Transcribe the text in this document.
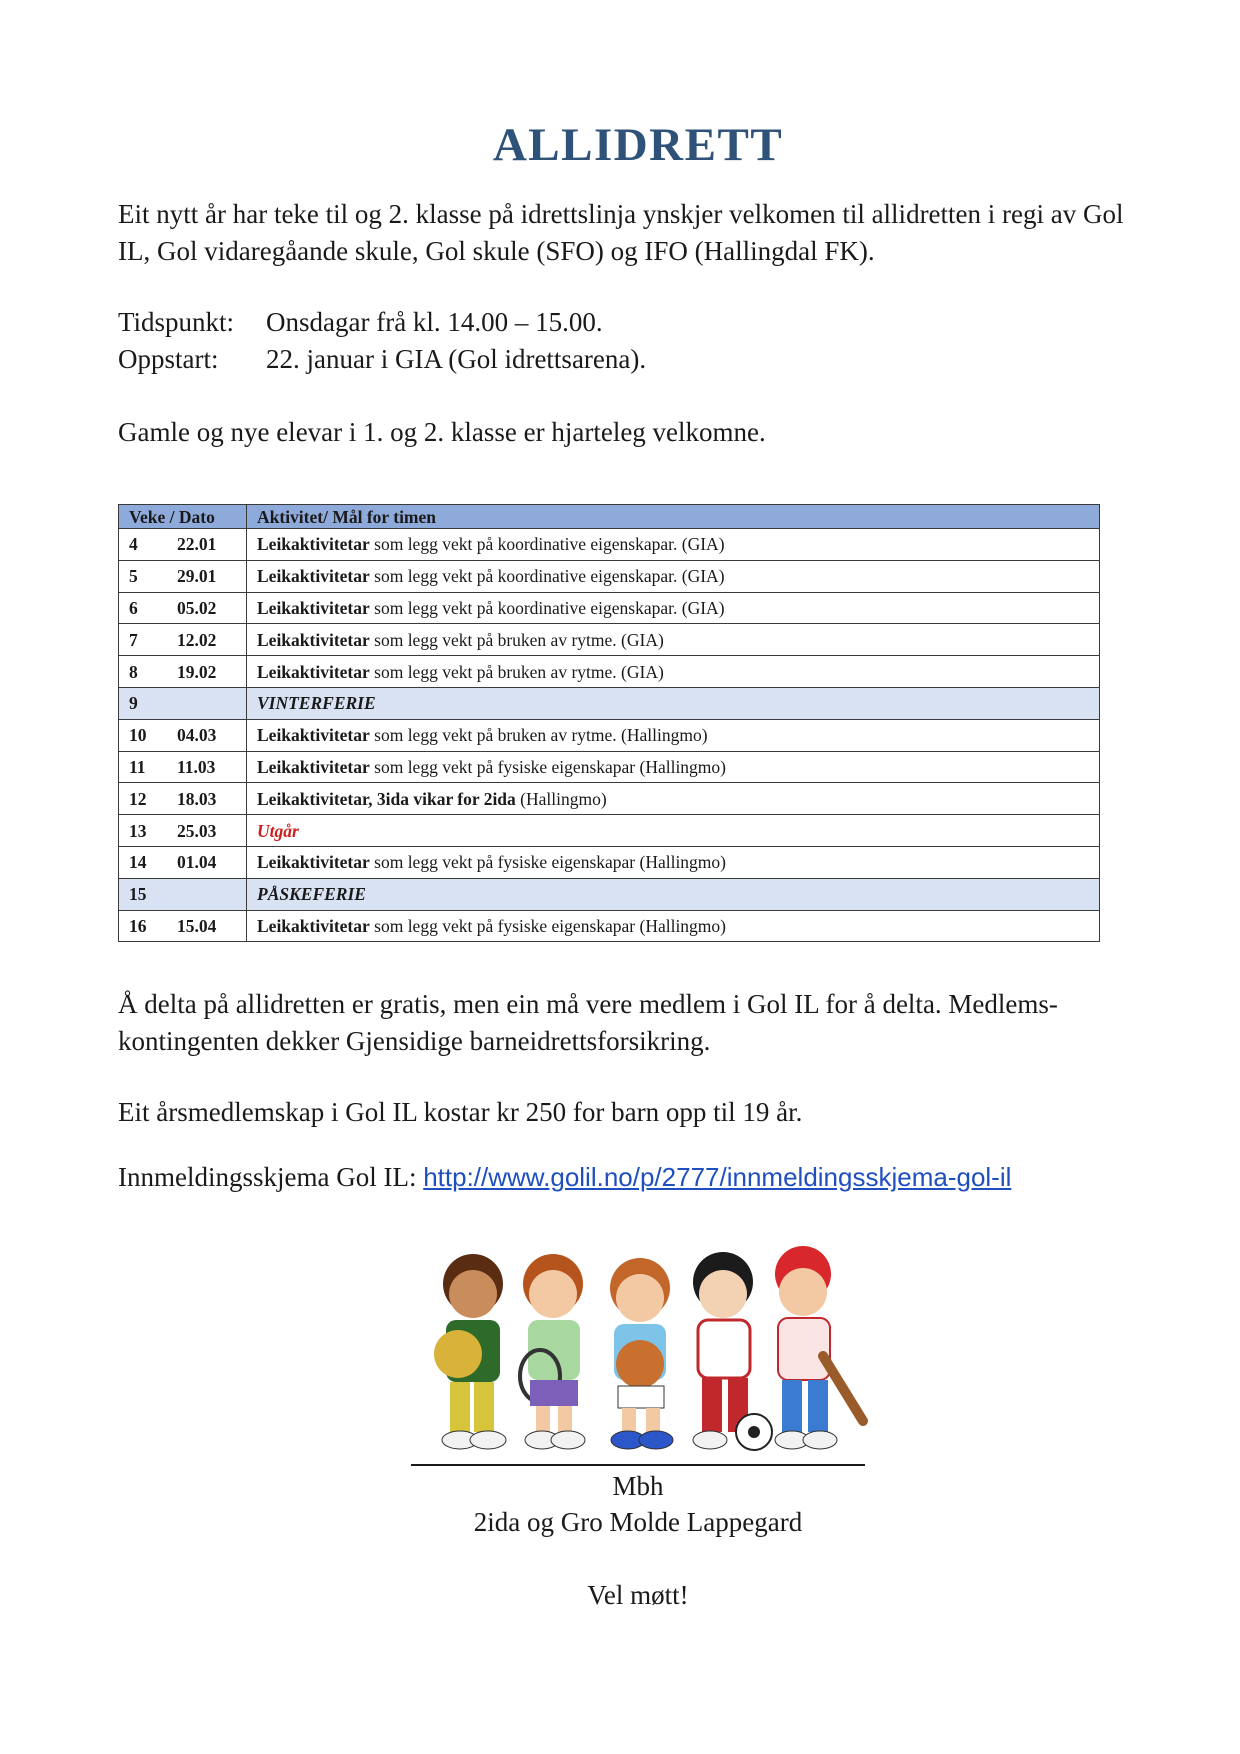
ALLIDRETT
Eit nytt år har teke til og 2. klasse på idrettslinja ynskjer velkomen til allidretten i regi av Gol IL, Gol vidaregåande skule, Gol skule (SFO) og IFO (Hallingdal FK).
Tidspunkt: Onsdagar frå kl. 14.00 – 15.00.
Oppstart: 22. januar i GIA (Gol idrettsarena).
Gamle og nye elevar i 1. og 2. klasse er hjarteleg velkomne.
Veke / Dato	Aktivitet/ Mål for timen
4 22.01	Leikaktivitetar som legg vekt på koordinative eigenskapar. (GIA)
5 29.01	Leikaktivitetar som legg vekt på koordinative eigenskapar. (GIA)
6 05.02	Leikaktivitetar som legg vekt på koordinative eigenskapar. (GIA)
7 12.02	Leikaktivitetar som legg vekt på bruken av rytme. (GIA)
8 19.02	Leikaktivitetar som legg vekt på bruken av rytme. (GIA)
9	VINTERFERIE
10 04.03	Leikaktivitetar som legg vekt på bruken av rytme. (Hallingmo)
11 11.03	Leikaktivitetar som legg vekt på fysiske eigenskapar (Hallingmo)
12 18.03	Leikaktivitetar, 3ida vikar for 2ida (Hallingmo)
13 25.03	Utgår
14 01.04	Leikaktivitetar som legg vekt på fysiske eigenskapar (Hallingmo)
15	PÅSKEFERIE
16 15.04	Leikaktivitetar som legg vekt på fysiske eigenskapar (Hallingmo)
Å delta på allidretten er gratis, men ein må vere medlem i Gol IL for å delta. Medlems-kontingenten dekker Gjensidige barneidrettsforsikring.
Eit årsmedlemskap i Gol IL kostar kr 250 for barn opp til 19 år.
Innmeldingsskjema Gol IL: http://www.golil.no/p/2777/innmeldingsskjema-gol-il
Mbh
2ida og Gro Molde Lappegard
Vel møtt!
